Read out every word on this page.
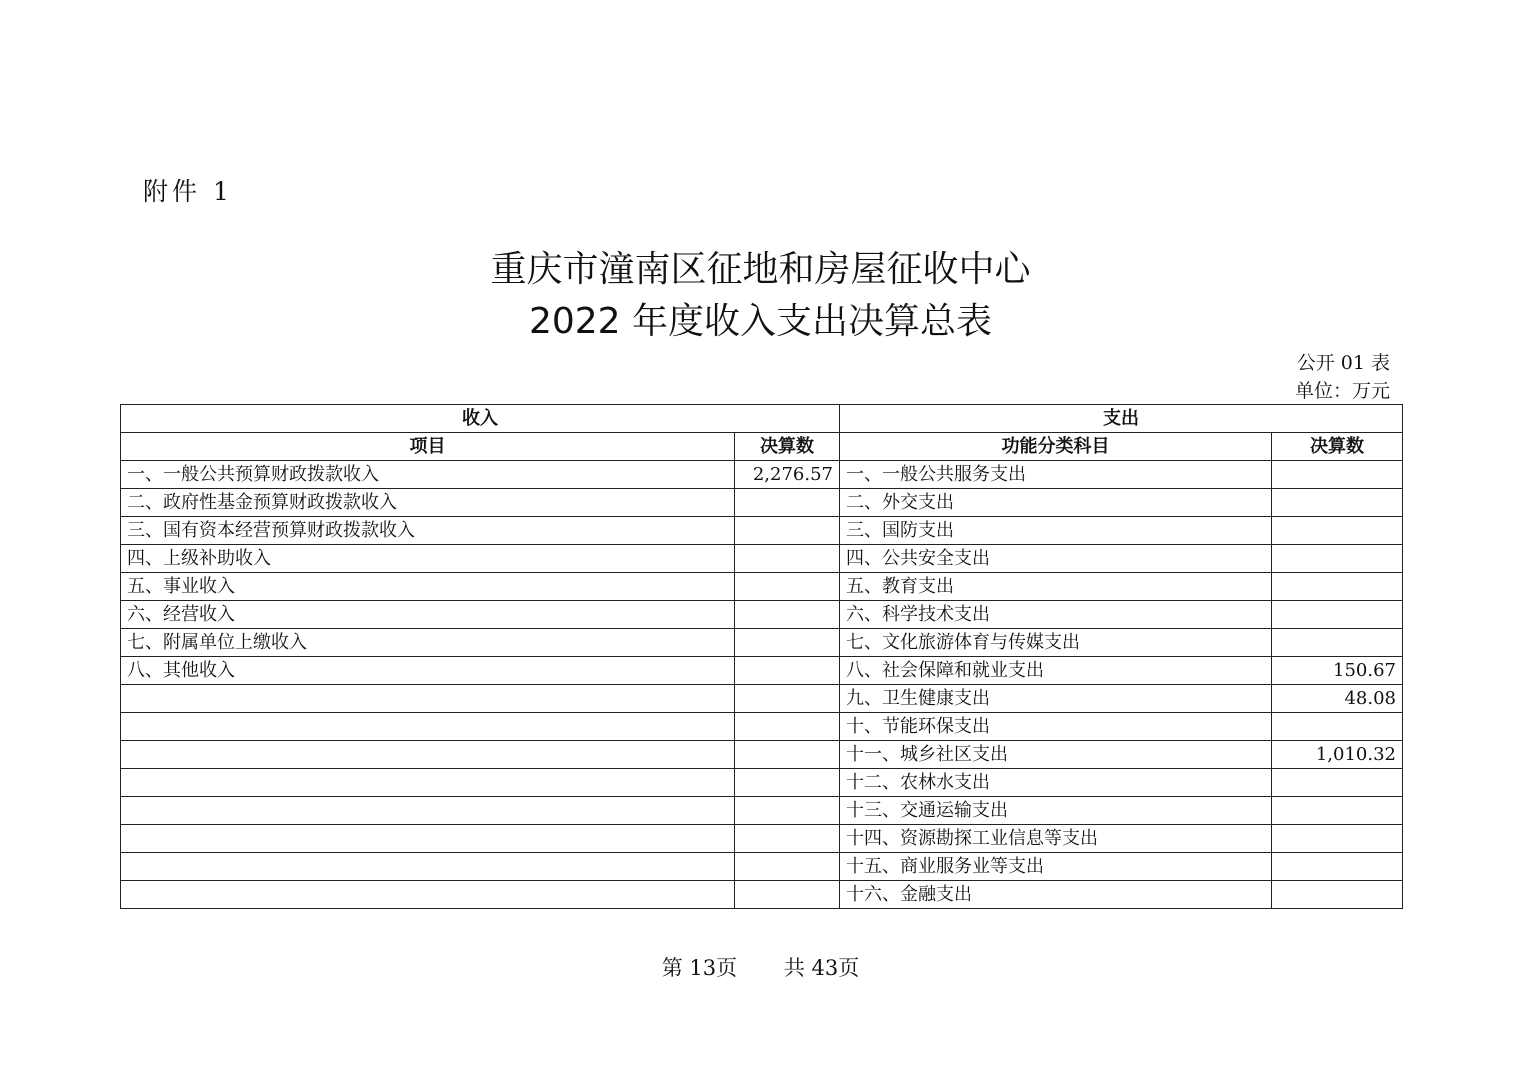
附件 1
重庆市潼南区征地和房屋征收中心
2022 年度收入支出决算总表
公开 01 表
单位：万元
收入		支出	
项目	决算数	功能分类科目	决算数
一、一般公共预算财政拨款收入	2,276.57	一、一般公共服务支出	
二、政府性基金预算财政拨款收入		二、外交支出	
三、国有资本经营预算财政拨款收入		三、国防支出	
四、上级补助收入		四、公共安全支出	
五、事业收入		五、教育支出	
六、经营收入		六、科学技术支出	
七、附属单位上缴收入		七、文化旅游体育与传媒支出	
八、其他收入		八、社会保障和就业支出	150.67
		九、卫生健康支出	48.08
		十、节能环保支出	
		十一、城乡社区支出	1,010.32
		十二、农林水支出	
		十三、交通运输支出	
		十四、资源勘探工业信息等支出	
		十五、商业服务业等支出	
		十六、金融支出	
第 13页 共 43页
